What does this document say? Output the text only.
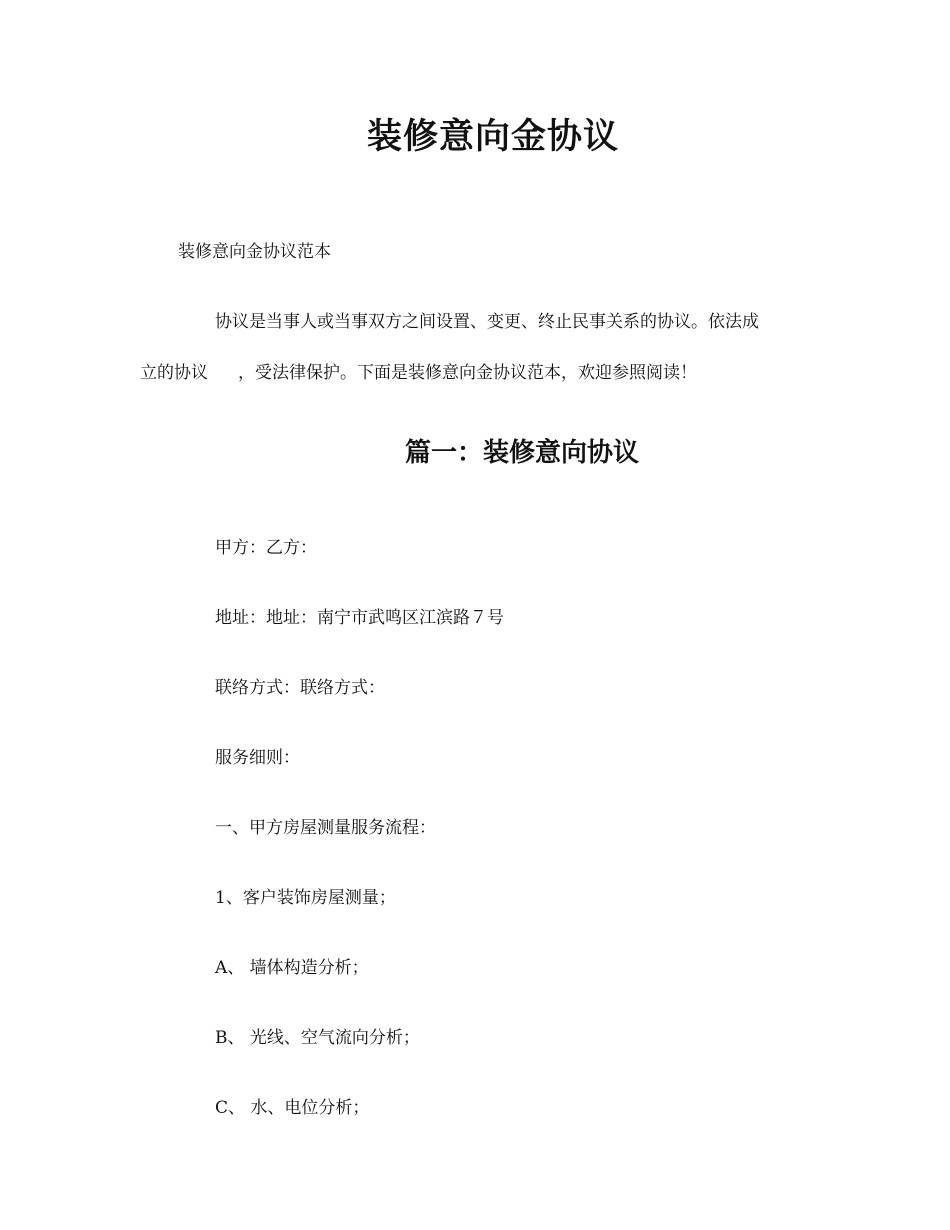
装修意向金协议
装修意向金协议范本
协议是当事人或当事双方之间设置、变更、终止民事关系的协议。依法成
立的协议 ，受法律保护。下面是装修意向金协议范本，欢迎参照阅读！
篇一：装修意向协议
甲方：乙方：
地址：地址：南宁市武鸣区江滨路７号
联络方式：联络方式：
服务细则：
一、甲方房屋测量服务流程：
1、客户装饰房屋测量；
A、 墙体构造分析；
B、 光线、空气流向分析；
C、 水、电位分析；
